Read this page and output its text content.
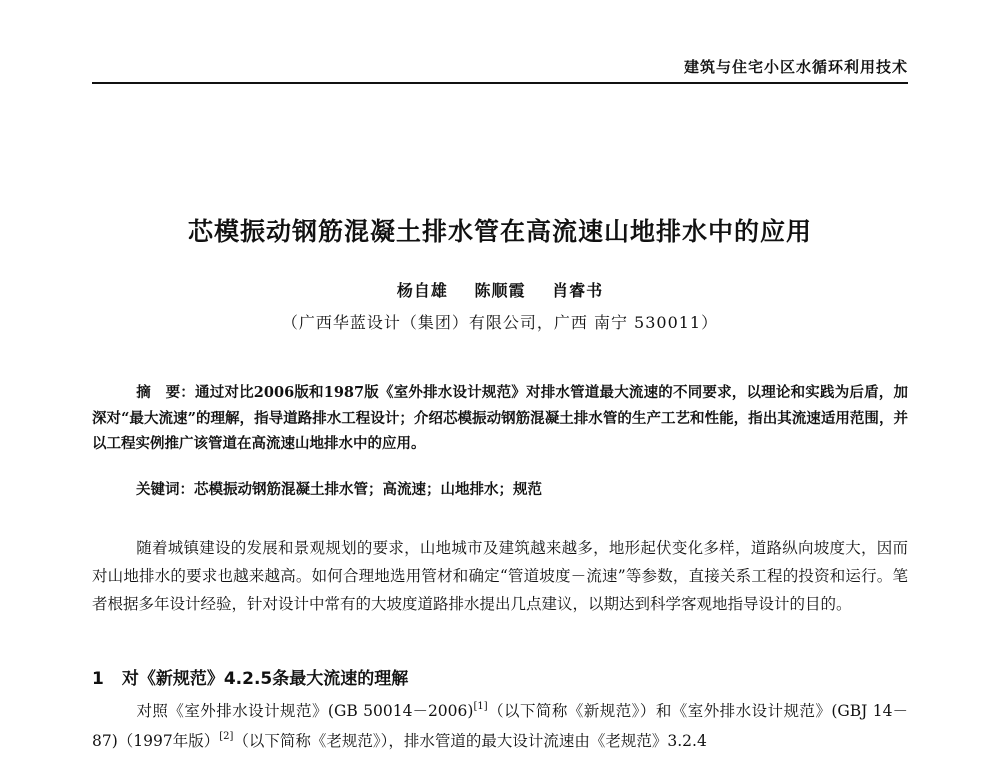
建筑与住宅小区水循环利用技术
芯模振动钢筋混凝土排水管在高流速山地排水中的应用
杨自雄 陈顺霞 肖睿书
（广西华蓝设计（集团）有限公司，广西 南宁 530011）
摘　要：通过对比2006版和1987版《室外排水设计规范》对排水管道最大流速的不同要求，以理论和实践为后盾，加深对“最大流速”的理解，指导道路排水工程设计；介绍芯模振动钢筋混凝土排水管的生产工艺和性能，指出其流速适用范围，并以工程实例推广该管道在高流速山地排水中的应用。
关键词：芯模振动钢筋混凝土排水管；高流速；山地排水；规范
随着城镇建设的发展和景观规划的要求，山地城市及建筑越来越多，地形起伏变化多样，道路纵向坡度大，因而对山地排水的要求也越来越高。如何合理地选用管材和确定“管道坡度－流速”等参数，直接关系工程的投资和运行。笔者根据多年设计经验，针对设计中常有的大坡度道路排水提出几点建议，以期达到科学客观地指导设计的目的。
1 对《新规范》4.2.5条最大流速的理解
对照《室外排水设计规范》(GB 50014－2006)[1]（以下简称《新规范》）和《室外排水设计规范》(GBJ 14－87)（1997年版）[2]（以下简称《老规范》），排水管道的最大设计流速由《老规范》3.2.4
